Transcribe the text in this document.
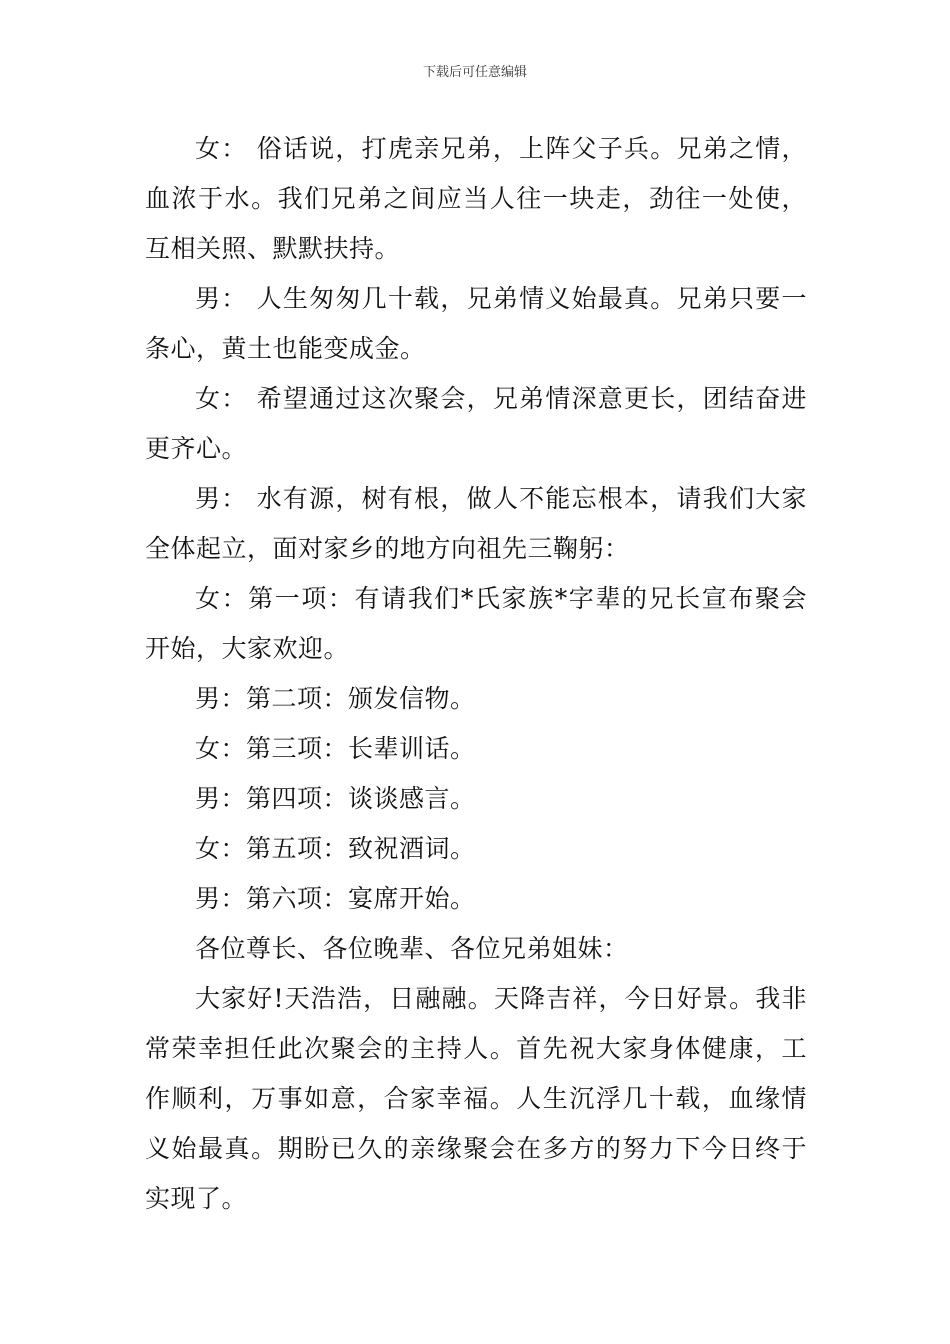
下载后可任意编辑

女： 俗话说，打虎亲兄弟，上阵父子兵。兄弟之情，血浓于水。我们兄弟之间应当人往一块走，劲往一处使，互相关照、默默扶持。

男： 人生匆匆几十载，兄弟情义始最真。兄弟只要一条心，黄土也能变成金。

女： 希望通过这次聚会，兄弟情深意更长，团结奋进更齐心。

男： 水有源，树有根，做人不能忘根本，请我们大家全体起立，面对家乡的地方向祖先三鞠躬：

女：第一项：有请我们*氏家族*字辈的兄长宣布聚会开始，大家欢迎。

男：第二项：颁发信物。

女：第三项：长辈训话。

男：第四项：谈谈感言。

女：第五项：致祝酒词。

男：第六项：宴席开始。

各位尊长、各位晚辈、各位兄弟姐妹：

大家好!天浩浩，日融融。天降吉祥，今日好景。我非常荣幸担任此次聚会的主持人。首先祝大家身体健康，工作顺利，万事如意，合家幸福。人生沉浮几十载，血缘情义始最真。期盼已久的亲缘聚会在多方的努力下今日终于实现了。
